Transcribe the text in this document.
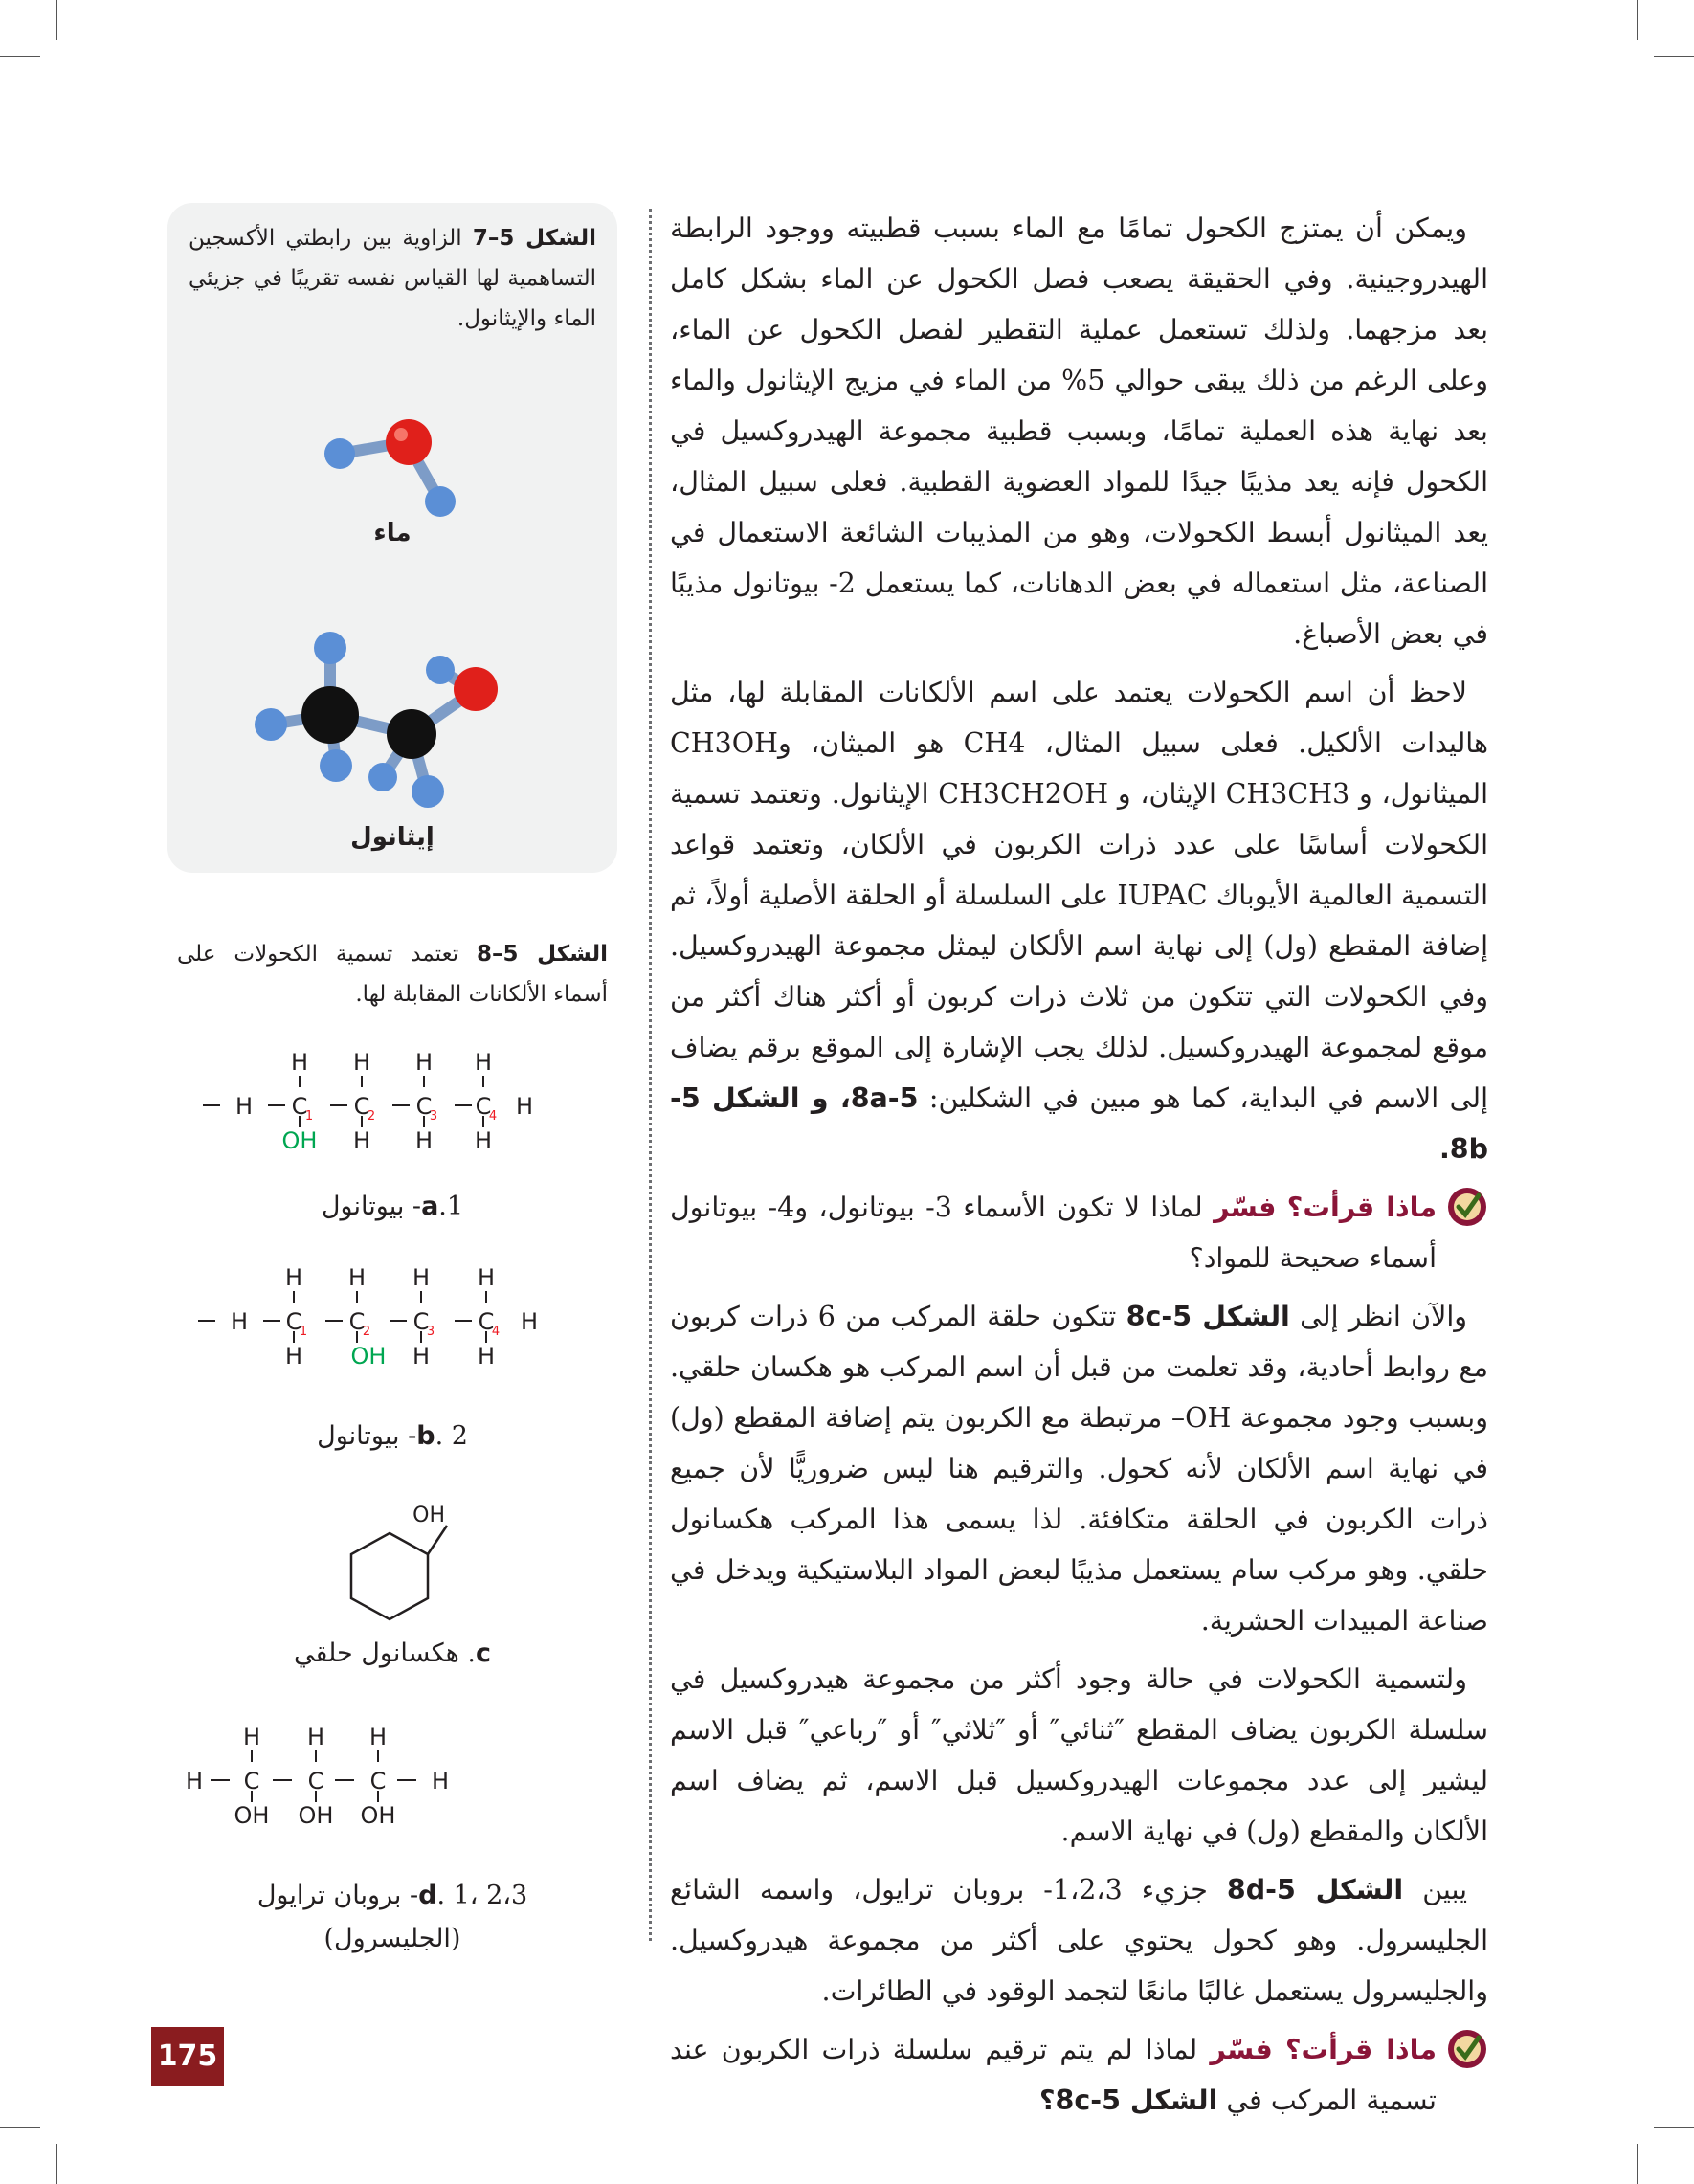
ويمكن أن يمتزج الكحول تمامًا مع الماء بسبب قطبيته ووجود الرابطة الهيدروجينية. وفي الحقيقة يصعب فصل الكحول عن الماء بشكل كامل بعد مزجهما. ولذلك تستعمل عملية التقطير لفصل الكحول عن الماء، وعلى الرغم من ذلك يبقى حوالي 5% من الماء في مزيج الإيثانول والماء بعد نهاية هذه العملية تمامًا، وبسبب قطبية مجموعة الهيدروكسيل في الكحول فإنه يعد مذيبًا جيدًا للمواد العضوية القطبية. فعلى سبيل المثال، يعد الميثانول أبسط الكحولات، وهو من المذيبات الشائعة الاستعمال في الصناعة، مثل استعماله في بعض الدهانات، كما يستعمل 2- بيوتانول مذيبًا في بعض الأصباغ.

لاحظ أن اسم الكحولات يعتمد على اسم الألكانات المقابلة لها، مثل هاليدات الألكيل. فعلى سبيل المثال، CH4 هو الميثان، وCH3OH الميثانول، و CH3CH3 الإيثان، و CH3CH2OH الإيثانول. وتعتمد تسمية الكحولات أساسًا على عدد ذرات الكربون في الألكان، وتعتمد قواعد التسمية العالمية الأيوباك IUPAC على السلسلة أو الحلقة الأصلية أولاً، ثم إضافة المقطع (ول) إلى نهاية اسم الألكان ليمثل مجموعة الهيدروكسيل. وفي الكحولات التي تتكون من ثلاث ذرات كربون أو أكثر هناك أكثر من موقع لمجموعة الهيدروكسيل. لذلك يجب الإشارة إلى الموقع برقم يضاف إلى الاسم في البداية، كما هو مبين في الشكلين: 5-8a، و الشكل 5-8b.

ماذا قرأت؟ فسّر لماذا لا تكون الأسماء 3- بيوتانول، و4- بيوتانول أسماء صحيحة للمواد؟

والآن انظر إلى الشكل 5-8c تتكون حلقة المركب من 6 ذرات كربون مع روابط أحادية، وقد تعلمت من قبل أن اسم المركب هو هكسان حلقي. وبسبب وجود مجموعة OH– مرتبطة مع الكربون يتم إضافة المقطع (ول) في نهاية اسم الألكان لأنه كحول. والترقيم هنا ليس ضروريًّا لأن جميع ذرات الكربون في الحلقة متكافئة. لذا يسمى هذا المركب هكسانول حلقي. وهو مركب سام يستعمل مذيبًا لبعض المواد البلاستيكية ويدخل في صناعة المبيدات الحشرية.

ولتسمية الكحولات في حالة وجود أكثر من مجموعة هيدروكسيل في سلسلة الكربون يضاف المقطع ″ثنائي″ أو ″ثلاثي″ أو ″رباعي″ قبل الاسم ليشير إلى عدد مجموعات الهيدروكسيل قبل الاسم، ثم يضاف اسم الألكان والمقطع (ول) في نهاية الاسم.

يبين الشكل 5-8d جزيء 1،2،3- بروبان ترايول، واسمه الشائع الجليسرول. وهو كحول يحتوي على أكثر من مجموعة هيدروكسيل. والجليسرول يستعمل غالبًا مانعًا لتجمد الوقود في الطائرات.

ماذا قرأت؟ فسّر لماذا لم يتم ترقيم سلسلة ذرات الكربون عند تسمية المركب في الشكل 5-8c؟
الشكل 5–7 الزاوية بين رابطتي الأكسجين التساهمية لها القياس نفسه تقريبًا في جزيئي الماء والإيثانول.
ماء
إيثانول
الشكل 5–8 تعتمد تسمية الكحولات على أسماء الألكانات المقابلة لها.
H H H H
H	H
C C C C
1	2	3	4
OH H H H
a.1- بيوتانول
H H H H
H	H
C C C C
1	2	3	4
H OH H H
b. 2- بيوتانول
OH
c. هكسانول حلقي
H H H
H	H
C C C
OH OH OH
d. 1، 2،3- بروبان ترايول
(الجليسرول)
175
